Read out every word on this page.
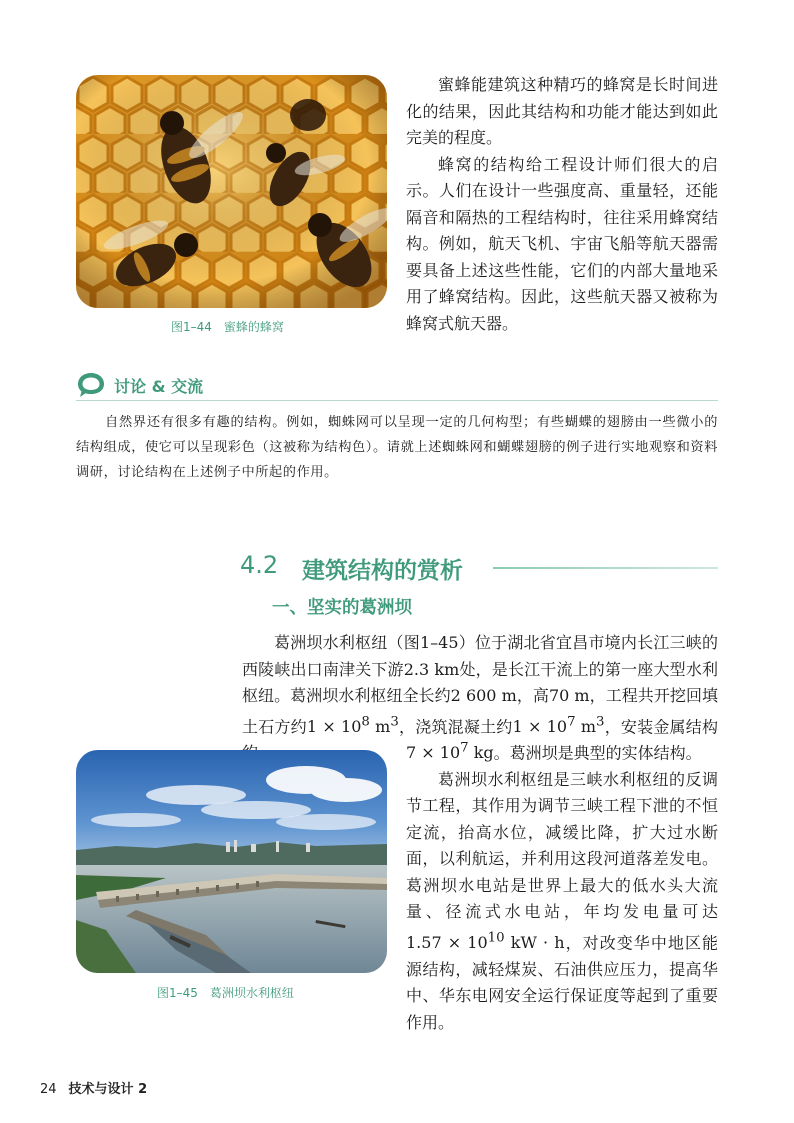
图1–44 蜜蜂的蜂窝

蜜蜂能建筑这种精巧的蜂窝是长时间进化的结果，因此其结构和功能才能达到如此完美的程度。

蜂窝的结构给工程设计师们很大的启示。人们在设计一些强度高、重量轻，还能隔音和隔热的工程结构时，往往采用蜂窝结构。例如，航天飞机、宇宙飞船等航天器需要具备上述这些性能，它们的内部大量地采用了蜂窝结构。因此，这些航天器又被称为蜂窝式航天器。

讨论 & 交流

自然界还有很多有趣的结构。例如，蜘蛛网可以呈现一定的几何构型；有些蝴蝶的翅膀由一些微小的结构组成，使它可以呈现彩色（这被称为结构色）。请就上述蜘蛛网和蝴蝶翅膀的例子进行实地观察和资料调研，讨论结构在上述例子中所起的作用。

4.2 建筑结构的赏析
一、坚实的葛洲坝

葛洲坝水利枢纽（图1–45）位于湖北省宜昌市境内长江三峡的西陵峡出口南津关下游2.3 km处，是长江干流上的第一座大型水利枢纽。葛洲坝水利枢纽全长约2 600 m，高70 m，工程共开挖回填土石方约$1 \times 10^8$ $m^3$，浇筑混凝土约$1 \times 10^7$ $m^3$，安装金属结构

$7 \times 10^7$ kg。葛洲坝是典型的实体结构。

葛洲坝水利枢纽是三峡水利枢纽的反调节工程，其作用为调节三峡工程下泄的不恒定流，抬高水位，减缓比降，扩大过水断面，以利航运，并利用这段河道落差发电。葛洲坝水电站是世界上最大的低水头大流量、径流式水电站，年均发电量可达$1.57 \times 10^{10}$ kW · h，对改变华中地区能源结构，减轻煤炭、石油供应压力，提高华中、华东电网安全运行保证度等起到了重要作用。

图1–45 葛洲坝水利枢纽
24 技术与设计 2
